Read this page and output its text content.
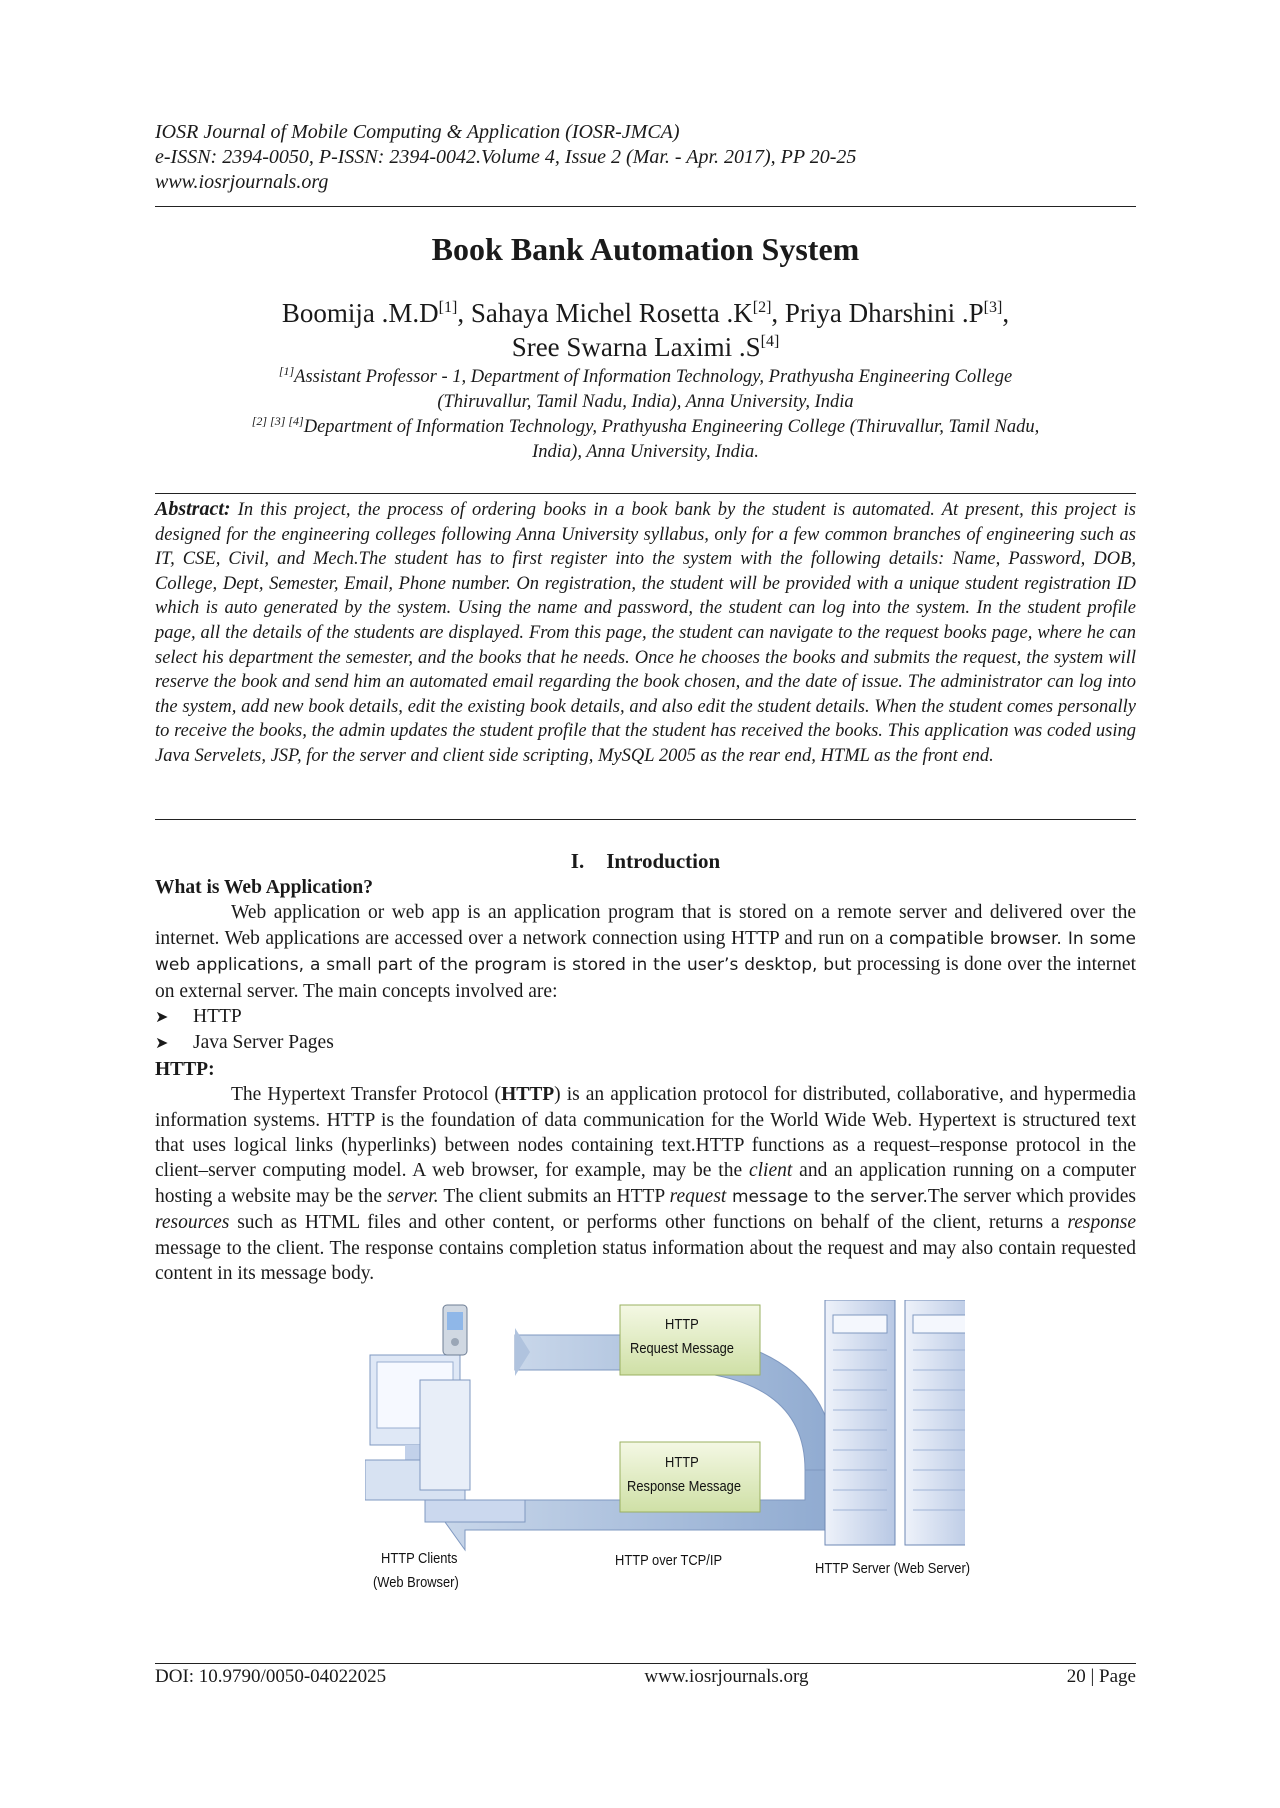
IOSR Journal of Mobile Computing & Application (IOSR-JMCA)
e-ISSN: 2394-0050, P-ISSN: 2394-0042.Volume 4, Issue 2 (Mar. - Apr. 2017), PP 20-25
www.iosrjournals.org
Book Bank Automation System
Boomija .M.D[1], Sahaya Michel Rosetta .K[2], Priya Dharshini .P[3],
Sree Swarna Laximi .S[4]
[1]Assistant Professor - 1, Department of Information Technology, Prathyusha Engineering College
(Thiruvallur, Tamil Nadu, India), Anna University, India
[2] [3] [4]Department of Information Technology, Prathyusha Engineering College (Thiruvallur, Tamil Nadu,
India), Anna University, India.
Abstract: In this project, the process of ordering books in a book bank by the student is automated. At present, this project is designed for the engineering colleges following Anna University syllabus, only for a few common branches of engineering such as IT, CSE, Civil, and Mech.The student has to first register into the system with the following details: Name, Password, DOB, College, Dept, Semester, Email, Phone number. On registration, the student will be provided with a unique student registration ID which is auto generated by the system. Using the name and password, the student can log into the system. In the student profile page, all the details of the students are displayed. From this page, the student can navigate to the request books page, where he can select his department the semester, and the books that he needs. Once he chooses the books and submits the request, the system will reserve the book and send him an automated email regarding the book chosen, and the date of issue. The administrator can log into the system, add new book details, edit the existing book details, and also edit the student details. When the student comes personally to receive the books, the admin updates the student profile that the student has received the books. This application was coded using Java Servelets, JSP, for the server and client side scripting, MySQL 2005 as the rear end, HTML as the front end.
I. Introduction
What is Web Application?
Web application or web app is an application program that is stored on a remote server and delivered over the internet. Web applications are accessed over a network connection using HTTP and run on a compatible browser. In some web applications, a small part of the program is stored in the user’s desktop, but processing is done over the internet on external server. The main concepts involved are:
➤	HTTP
➤	Java Server Pages
HTTP:
The Hypertext Transfer Protocol (HTTP) is an application protocol for distributed, collaborative, and hypermedia information systems. HTTP is the foundation of data communication for the World Wide Web. Hypertext is structured text that uses logical links (hyperlinks) between nodes containing text.HTTP functions as a request–response protocol in the client–server computing model. A web browser, for example, may be the client and an application running on a computer hosting a website may be the server. The client submits an HTTP request message to the server.The server which provides resources such as HTML files and other content, or performs other functions on behalf of the client, returns a response message to the client. The response contains completion status information about the request and may also contain requested content in its message body.
HTTP
Request Message
HTTP
Response Message
HTTP Clients
(Web Browser)
HTTP over TCP/IP	HTTP Server (Web Server)
DOI: 10.9790/0050-04022025	www.iosrjournals.org	20 | Page
